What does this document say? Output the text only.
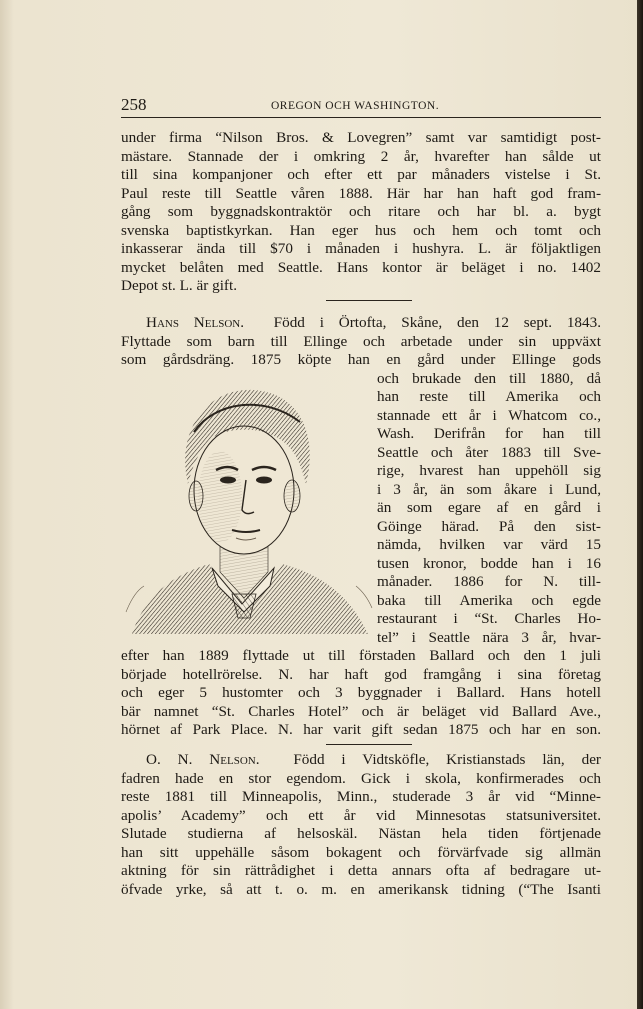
258	OREGON OCH WASHINGTON.
under firma “Nilson Bros. & Lovegren” samt var samtidigt post-
mästare. Stannade der i omkring 2 år, hvarefter han sålde ut
till sina kompanjoner och efter ett par månaders vistelse i St.
Paul reste till Seattle våren 1888. Här har han haft god fram-
gång som byggnadskontraktör och ritare och har bl. a. bygt
svenska baptistkyrkan. Han eger hus och hem och tomt och
inkasserar ända till $70 i månaden i hushyra. L. är följaktligen
mycket belåten med Seattle. Hans kontor är beläget i no. 1402
Depot st. L. är gift.
Hans Nelson. Född i Örtofta, Skåne, den 12 sept. 1843.
Flyttade som barn till Ellinge och arbetade under sin uppväxt
som gårdsdräng. 1875 köpte han en gård under Ellinge gods
och brukade den till 1880, då
han reste till Amerika och
stannade ett år i Whatcom co.,
Wash. Derifrån for han till
Seattle och åter 1883 till Sve-
rige, hvarest han uppehöll sig
i 3 år, än som åkare i Lund,
än som egare af en gård i
Göinge härad. På den sist-
nämda, hvilken var värd 15
tusen kronor, bodde han i 16
månader. 1886 for N. till-
baka till Amerika och egde
restaurant i “St. Charles Ho-
tel” i Seattle nära 3 år, hvar-
efter han 1889 flyttade ut till förstaden Ballard och den 1 juli
började hotellrörelse. N. har haft god framgång i sina företag
och eger 5 hustomter och 3 byggnader i Ballard. Hans hotell
bär namnet “St. Charles Hotel” och är beläget vid Ballard Ave.,
hörnet af Park Place. N. har varit gift sedan 1875 och har en son.
O. N. Nelson. Född i Vidtsköfle, Kristianstads län, der
fadren hade en stor egendom. Gick i skola, konfirmerades och
reste 1881 till Minneapolis, Minn., studerade 3 år vid “Minne-
apolis’ Academy” och ett år vid Minnesotas statsuniversitet.
Slutade studierna af helsoskäl. Nästan hela tiden förtjenade
han sitt uppehälle såsom bokagent och förvärfvade sig allmän
aktning för sin rättrådighet i detta annars ofta af bedragare ut-
öfvade yrke, så att t. o. m. en amerikansk tidning (“The Isanti
